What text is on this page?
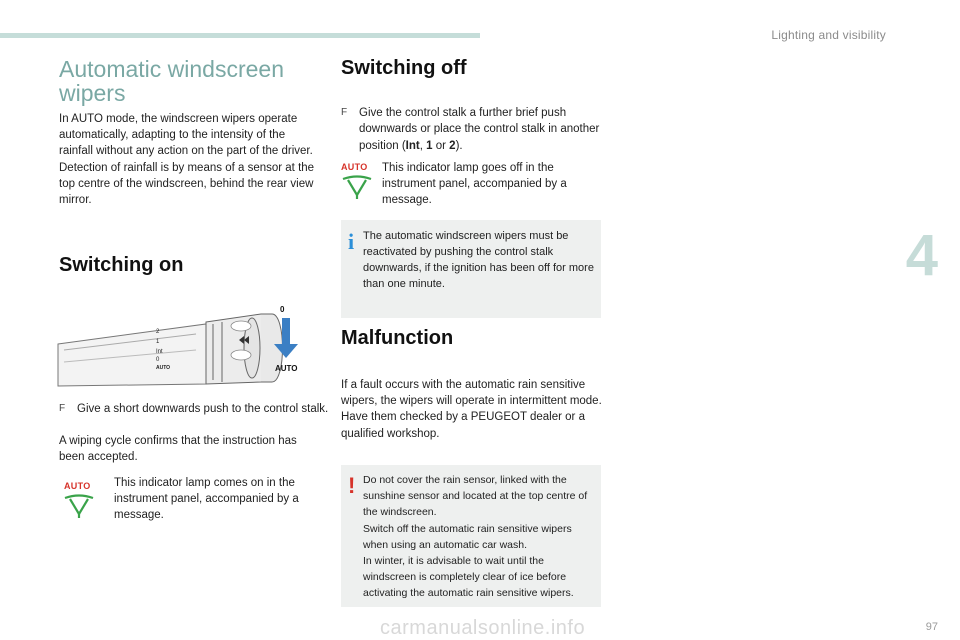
Lighting and visibility
4
97
Automatic windscreen wipers
In AUTO mode, the windscreen wipers operate automatically, adapting to the intensity of the rainfall without any action on the part of the driver.
Detection of rainfall is by means of a sensor at the top centre of the windscreen, behind the rear view mirror.
Switching on
2
1
Int
0
AUTO
0
AUTO
F Give a short downwards push to the control stalk.
A wiping cycle confirms that the instruction has been accepted.
AUTO This indicator lamp comes on in the instrument panel, accompanied by a message.
Switching off
F Give the control stalk a further brief push downwards or place the control stalk in another position (Int, 1 or 2).
AUTO This indicator lamp goes off in the instrument panel, accompanied by a message.
i The automatic windscreen wipers must be reactivated by pushing the control stalk downwards, if the ignition has been off for more than one minute.
Malfunction
If a fault occurs with the automatic rain sensitive wipers, the wipers will operate in intermittent mode.
Have them checked by a PEUGEOT dealer or a qualified workshop.
! Do not cover the rain sensor, linked with the sunshine sensor and located at the top centre of the windscreen.
Switch off the automatic rain sensitive wipers when using an automatic car wash.
In winter, it is advisable to wait until the windscreen is completely clear of ice before activating the automatic rain sensitive wipers.
carmanualsonline.info
